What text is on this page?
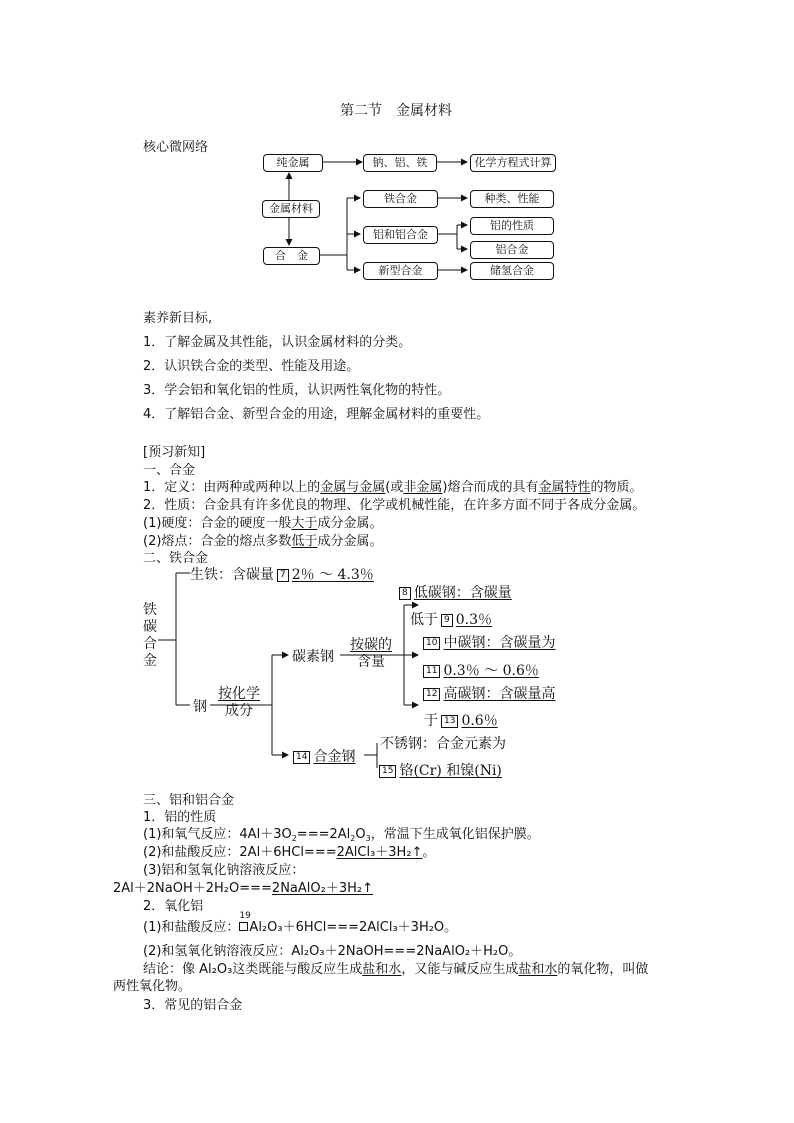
第二节　金属材料
核心微网络
纯金属	钠、铝、铁	化学方程式计算
金属材料
合　金
铁合金	种类、性能
铝和铝合金
铝的性质
铝合金
新型合金	储氢合金
素养新目标,
1．了解金属及其性能，认识金属材料的分类。
2．认识铁合金的类型、性能及用途。
3．学会铝和氧化铝的性质，认识两性氧化物的特性。
4．了解铝合金、新型合金的用途，理解金属材料的重要性。
[预习新知]
一、合金
1．定义：由两种或两种以上的金属与金属(或非金属)熔合而成的具有金属特性的物质。
2．性质：合金具有许多优良的物理、化学或机械性能，在许多方面不同于各成分金属。
(1)硬度：合金的硬度一般大于成分金属。
(2)熔点：合金的熔点多数低于成分金属。
二、铁合金
铁
碳
合
金
生铁：含碳量 7 2％ ～ 4.3％
钢
按化学
成分
碳素钢
按碳的
含量
8 低碳钢：含碳量
低于 9 0.3％
10 中碳钢：含碳量为
11 0.3％ ～ 0.6％
12 高碳钢：含碳量高
于 13 0.6％
14 合金钢
不锈钢：合金元素为
15 铬(Cr) 和镍(Ni)
三、铝和铝合金
1．铝的性质
(1)和氧气反应：$4Al+3O_2===2Al_2O_3$，常温下生成氧化铝保护膜。
(2)和盐酸反应：2Al＋6HCl===2AlCl₃＋3H₂↑。
(3)铝和氢氧化钠溶液反应：
2Al＋2NaOH＋2H₂O===2NaAlO₂＋3H₂↑
2．氧化铝
(1)和盐酸反应：
19
Al₂O₃＋6HCl===2AlCl₃＋3H₂O。
(2)和氢氧化钠溶液反应：Al₂O₃＋2NaOH===2NaAlO₂＋H₂O。
结论：像 Al₂O₃这类既能与酸反应生成盐和水，又能与碱反应生成盐和水的氧化物，叫做
两性氧化物。
3．常见的铝合金
